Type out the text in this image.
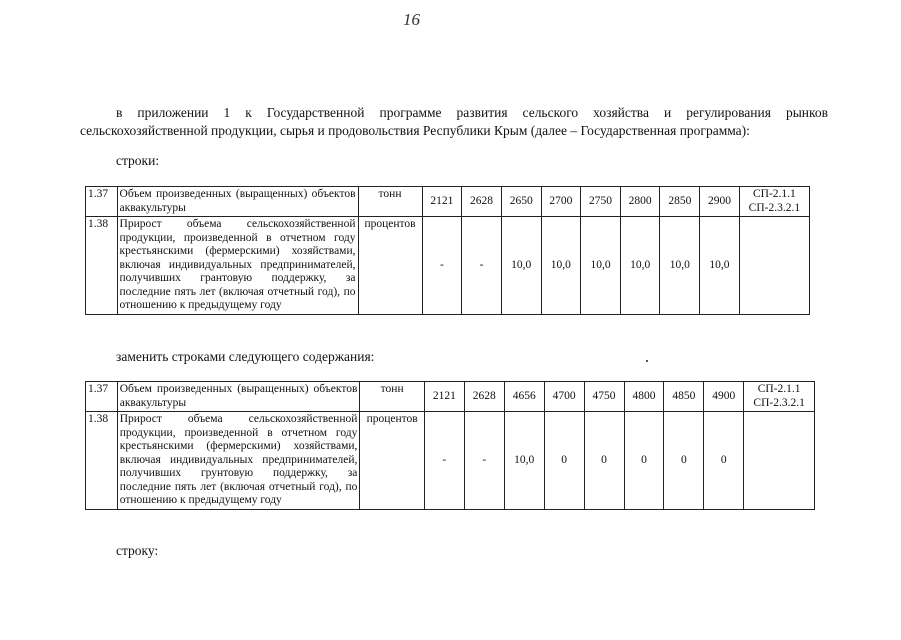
16
в приложении 1 к Государственной программе развития сельского хозяйства и регулирования рынков сельскохозяйственной продукции, сырья и продовольствия Республики Крым (далее – Государственная программа):
строки:
1.37	Объем произведенных (выращенных) объектов аквакультуры	тонн	2121	2628	2650	2700	2750	2800	2850	2900	СП-2.1.1 СП-2.3.2.1
1.38	Прирост объема сельскохозяйственной продукции, произведенной в отчетном году крестьянскими (фермерскими) хозяйствами, включая индивидуальных предпринимателей, получивших грантовую поддержку, за последние пять лет (включая отчетный год), по отношению к предыдущему году	процентов	-	-	10,0	10,0	10,0	10,0	10,0	10,0	
заменить строками следующего содержания:
1.37	Объем произведенных (выращенных) объектов аквакультуры	тонн	2121	2628	4656	4700	4750	4800	4850	4900	СП-2.1.1 СП-2.3.2.1
1.38	Прирост объема сельскохозяйственной продукции, произведенной в отчетном году крестьянскими (фермерскими) хозяйствами, включая индивидуальных предпринимателей, получивших грунтовую поддержку, за последние пять лет (включая отчетный год), по отношению к предыдущему году	процентов	-	-	10,0	0	0	0	0	0	
строку:
